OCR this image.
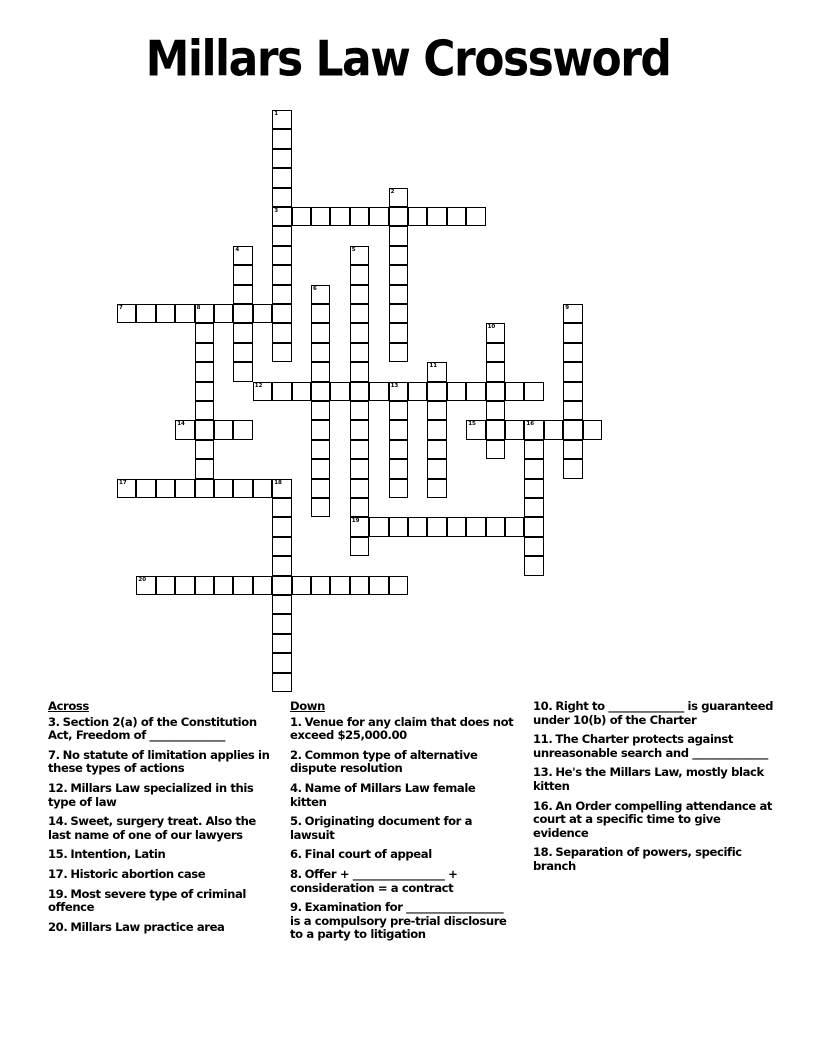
Millars Law Crossword
1
3
2
4	5
19
6
7	8	9
10
11
12	13
14	15	16
17	18
20
Across
3. Section 2(a) of the Constitution Act, Freedom of ______________
7. No statute of limitation applies in these types of actions
12. Millars Law specialized in this type of law
14. Sweet, surgery treat. Also the last name of one of our lawyers
15. Intention, Latin
17. Historic abortion case
19. Most severe type of criminal offence
20. Millars Law practice area
Down
1. Venue for any claim that does not exceed $25,000.00
2. Common type of alternative dispute resolution
4. Name of Millars Law female kitten
5. Originating document for a lawsuit
6. Final court of appeal
8. Offer + _________________ + consideration = a contract
9. Examination for __________________ is a compulsory pre-trial disclosure to a party to litigation
10. Right to ______________ is guaranteed under 10(b) of the Charter
11. The Charter protects against unreasonable search and ______________
13. He's the Millars Law, mostly black kitten
16. An Order compelling attendance at court at a specific time to give evidence
18. Separation of powers, specific branch
